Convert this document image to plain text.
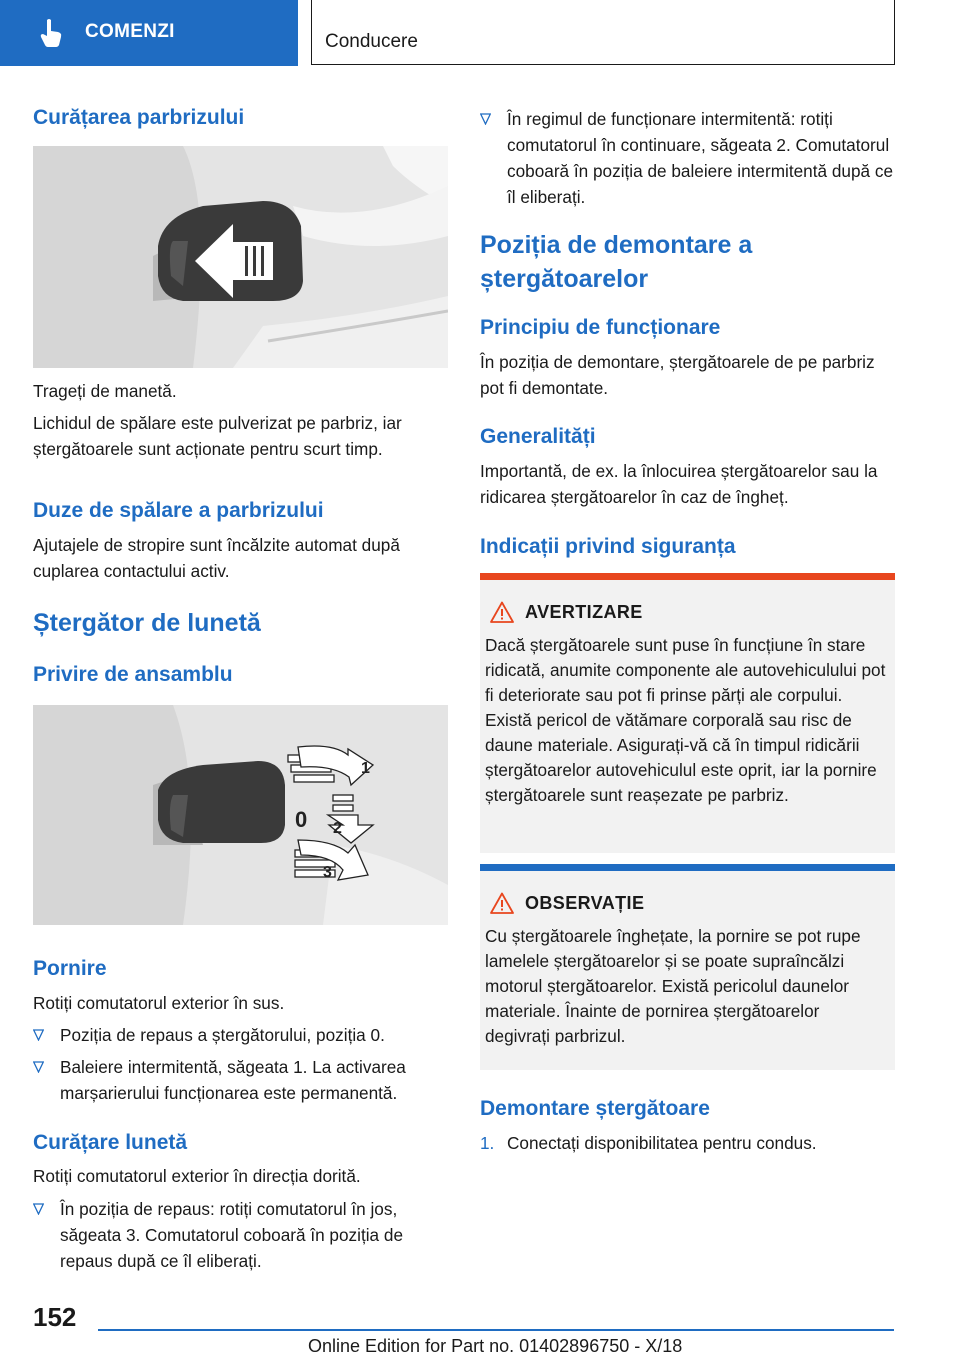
COMENZI	Conducere
Curățarea parbrizului

Trageți de manetă.

Lichidul de spălare este pulverizat pe parbriz, iar ștergătoarele sunt acționate pentru scurt timp.

Duze de spălare a parbrizului

Ajutajele de stropire sunt încălzite automat după cuplarea contactului activ.

Ștergător de lunetă
Privire de ansamblu
1
0 2
3
Pornire

Rotiți comutatorul exterior în sus.

Poziția de repaus a ștergătorului, poziția 0.
Baleiere intermitentă, săgeata 1. La activarea marșarierului funcționarea este permanentă.
Curățare lunetă

Rotiți comutatorul exterior în direcția dorită.

În poziția de repaus: rotiți comutatorul în jos, săgeata 3. Comutatorul coboară în poziția de repaus după ce îl eliberați.
În regimul de funcționare intermitentă: rotiți comutatorul în continuare, săgeata 2. Comutatorul coboară în poziția de baleiere intermitentă după ce îl eliberați.
Poziția de demontare a ștergătoarelor
Principiu de funcționare

În poziția de demontare, ștergătoarele de pe parbriz pot fi demontate.

Generalități

Importantă, de ex. la înlocuirea ștergătoarelor sau la ridicarea ștergătoarelor în caz de îngheț.

Indicații privind siguranța
AVERTIZARE
Dacă ștergătoarele sunt puse în funcțiune în stare ridicată, anumite componente ale autovehiculului pot fi deteriorate sau pot fi prinse părți ale corpului. Există pericol de vătămare corporală sau risc de daune materiale. Asigurați-vă că în timpul ridicării ștergătoarelor autovehiculul este oprit, iar la pornire ștergătoarele sunt reașezate pe parbriz.
OBSERVAȚIE
Cu ștergătoarele înghețate, la pornire se pot rupe lamelele ștergătoarelor și se poate supraîncălzi motorul ștergătoarelor. Există pericolul daunelor materiale. Înainte de pornirea ștergătoarelor degivrați parbrizul.
Demontare ștergătoare
1. Conectați disponibilitatea pentru condus.
152
Online Edition for Part no. 01402896750 - X/18
